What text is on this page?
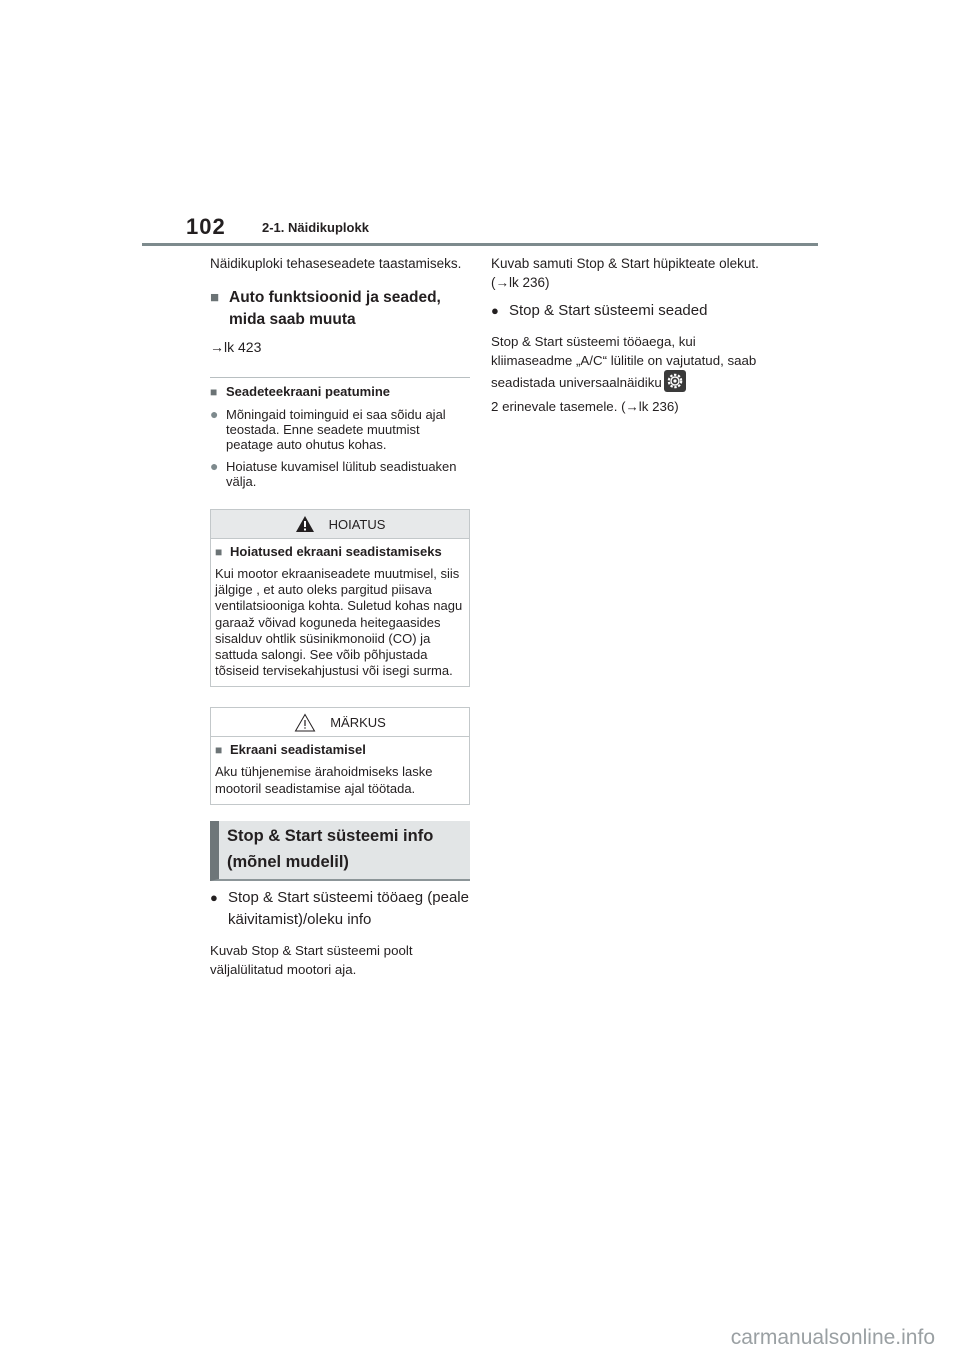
102	2-1. Näidikuplokk

Näidikuploki tehaseseadete taastamiseks.

■ Auto funktsioonid ja seaded, mida saab muuta
→lk 423
■ Seadeteekraani peatumine
● Mõningaid toiminguid ei saa sõidu ajal teostada. Enne seadete muutmist peatage auto ohutus kohas.
● Hoiatuse kuvamisel lülitub seadistuaken välja.
HOIATUS
■ Hoiatused ekraani seadistamiseks
Kui mootor ekraaniseadete muutmisel, siis jälgige , et auto oleks pargitud piisava ventilatsiooniga kohta. Suletud kohas nagu garaaž võivad koguneda heitegaasides sisalduv ohtlik süsinikmonoiid (CO) ja sattuda salongi. See võib põhjustada tõsiseid tervisekahjustusi või isegi surma.
MÄRKUS
■ Ekraani seadistamisel
Aku tühjenemise ärahoidmiseks laske mootoril seadistamise ajal töötada.
Stop & Start süsteemi info (mõnel mudelil)
● Stop & Start süsteemi tööaeg (peale käivitamist)/oleku info
Kuvab Stop & Start süsteemi poolt väljalülitatud mootori aja.

Kuvab samuti Stop & Start hüpikteate olekut. (→lk 236)

● Stop & Start süsteemi seaded
Stop & Start süsteemi tööaega, kui kliimaseadme „A/C“ lülitile on vajutatud, saab seadistada universaalnäidiku
2 erinevale tasemele. (→lk 236)
carmanualsonline.info
